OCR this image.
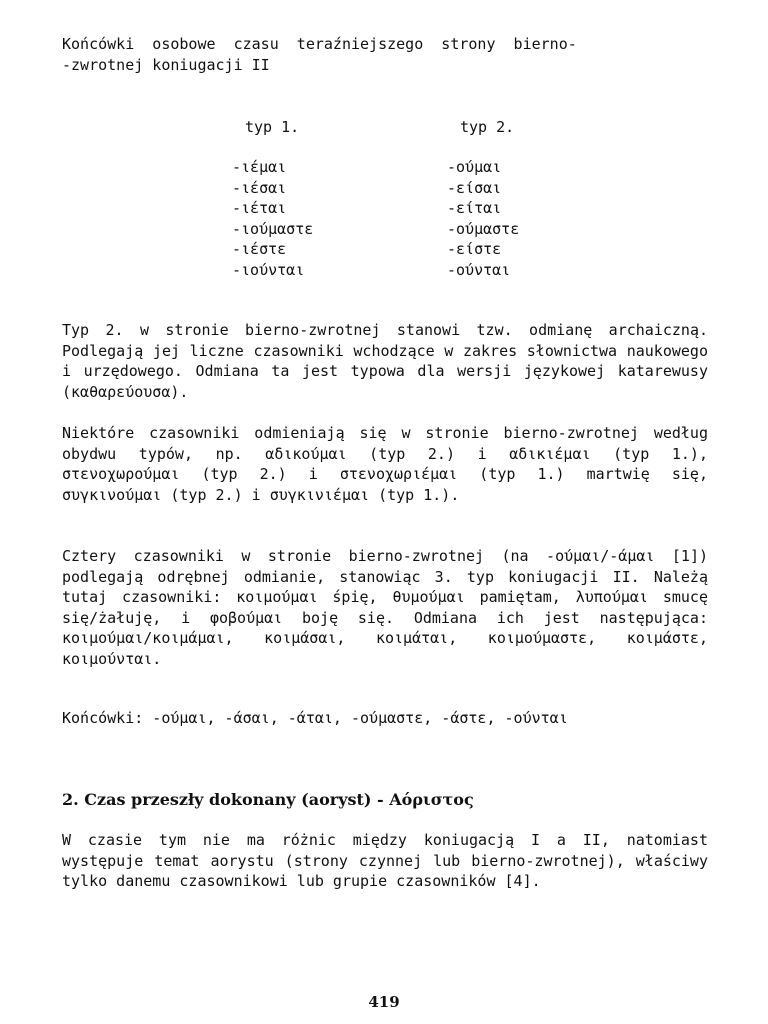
Końcówki  osobowe  czasu  teraźniejszego  strony  bierno-
-zwrotnej koniugacji II
typ 1.	typ 2.
-ιέμαι
-ιέσαι
-ιέται
-ιούμαστε
-ιέστε
-ιούνται
-ούμαι
-είσαι
-είται
-ούμαστε
-είστε
-ούνται

Typ 2. w stronie bierno-zwrotnej stanowi tzw. odmianę archaiczną. Podlegają jej liczne czasowniki wchodzące w zakres słownictwa naukowego i urzędowego. Odmiana ta jest typowa dla wersji językowej katarewusy (καθαρεύουσα).

Niektóre czasowniki odmieniają się w stronie bierno-zwrotnej według obydwu typów, np. αδικούμαι (typ 2.) i αδικιέμαι (typ 1.), στενοχωρούμαι (typ 2.) i στενοχωριέμαι (typ 1.) martwię się, συγκινούμαι (typ 2.) i συγκινιέμαι (typ 1.).

Cztery czasowniki w stronie bierno-zwrotnej (na -ούμαι/-άμαι [1]) podlegają odrębnej odmianie, stanowiąc 3. typ koniugacji II. Należą tutaj czasowniki: κοιμούμαι śpię, θυμούμαι pamiętam, λυπούμαι smucę się/żałuję, i φοβούμαι boję się. Odmiana ich jest następująca: κοιμούμαι/κοιμάμαι, κοιμάσαι, κοιμάται, κοιμούμαστε, κοιμάστε, κοιμούνται.

Końcówki: -ούμαι, -άσαι, -άται, -ούμαστε, -άστε, -ούνται

2. Czas przeszły dokonany (aoryst) - Αόριστος

W czasie tym nie ma różnic między koniugacją I a II, natomiast występuje temat aorystu (strony czynnej lub bierno-zwrotnej), właściwy tylko danemu czasownikowi lub grupie czasowników [4].

419
